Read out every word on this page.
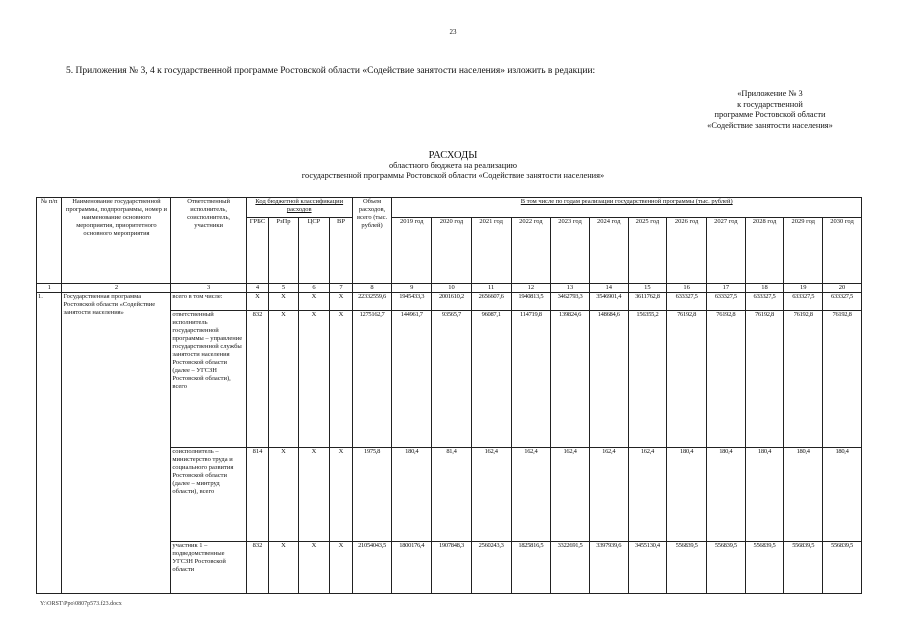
23
5. Приложения № 3, 4 к государственной программе Ростовской области «Содействие занятости населения» изложить в редакции:
«Приложение № 3
к государственной
программе Ростовской области
«Содействие занятости населения»
РАСХОДЫ
областного бюджета на реализацию
государственной программы Ростовской области «Содействие занятости населения»
№ п/п	Наименование государственной программы, подпрограммы, номер и наименование основного мероприятия, приоритетного основного мероприятия	Ответственный исполнитель, соисполнитель, участники	Код бюджетной классификации расходов				Объем расходов, всего (тыс. рублей)	В том числе по годам реализации государственной программы (тыс. рублей)											
			ГРБС	РзПр	ЦСР	ВР		2019 год	2020 год	2021 год	2022 год	2023 год	2024 год	2025 год	2026 год	2027 год	2028 год	2029 год	2030 год
1	2	3	4	5	6	7	8	9	10	11	12	13	14	15	16	17	18	19	20
1.	Государственная программа Ростовской области «Содействие занятости населения»	всего в том числе:	Х	Х	Х	Х	22332559,6	1945433,3	2001610,2	2656607,6	1940813,5	3462793,3	3546901,4	3611762,8	633327,5	633327,5	633327,5	633327,5	633327,5
		ответственный исполнитель государственной программы – управление государственной службы занятости населения Ростовской области (далее – УГСЗН Ростовской области), всего	832	Х	Х	Х	1275162,7	144961,7	93565,7	96087,1	114719,8	139824,6	148684,6	156355,2	76192,8	76192,8	76192,8	76192,8	76192,8
		соисполнитель – министерство труда и социального развития Ростовской области (далее – минтруд области), всего	814	Х	Х	Х	1975,8	180,4	81,4	162,4	162,4	162,4	162,4	162,4	180,4	180,4	180,4	180,4	180,4
		участник 1 – подведомственные УГСЗН Ростовской области	832	Х	Х	Х	21054043,5	1800176,4	1907848,3	2560243,3	1825816,5	3322691,5	3397939,6	3455130,4	556839,5	556839,5	556839,5	556839,5	556839,5
Y:\ORST\Ppo\0807p573.f23.docx
